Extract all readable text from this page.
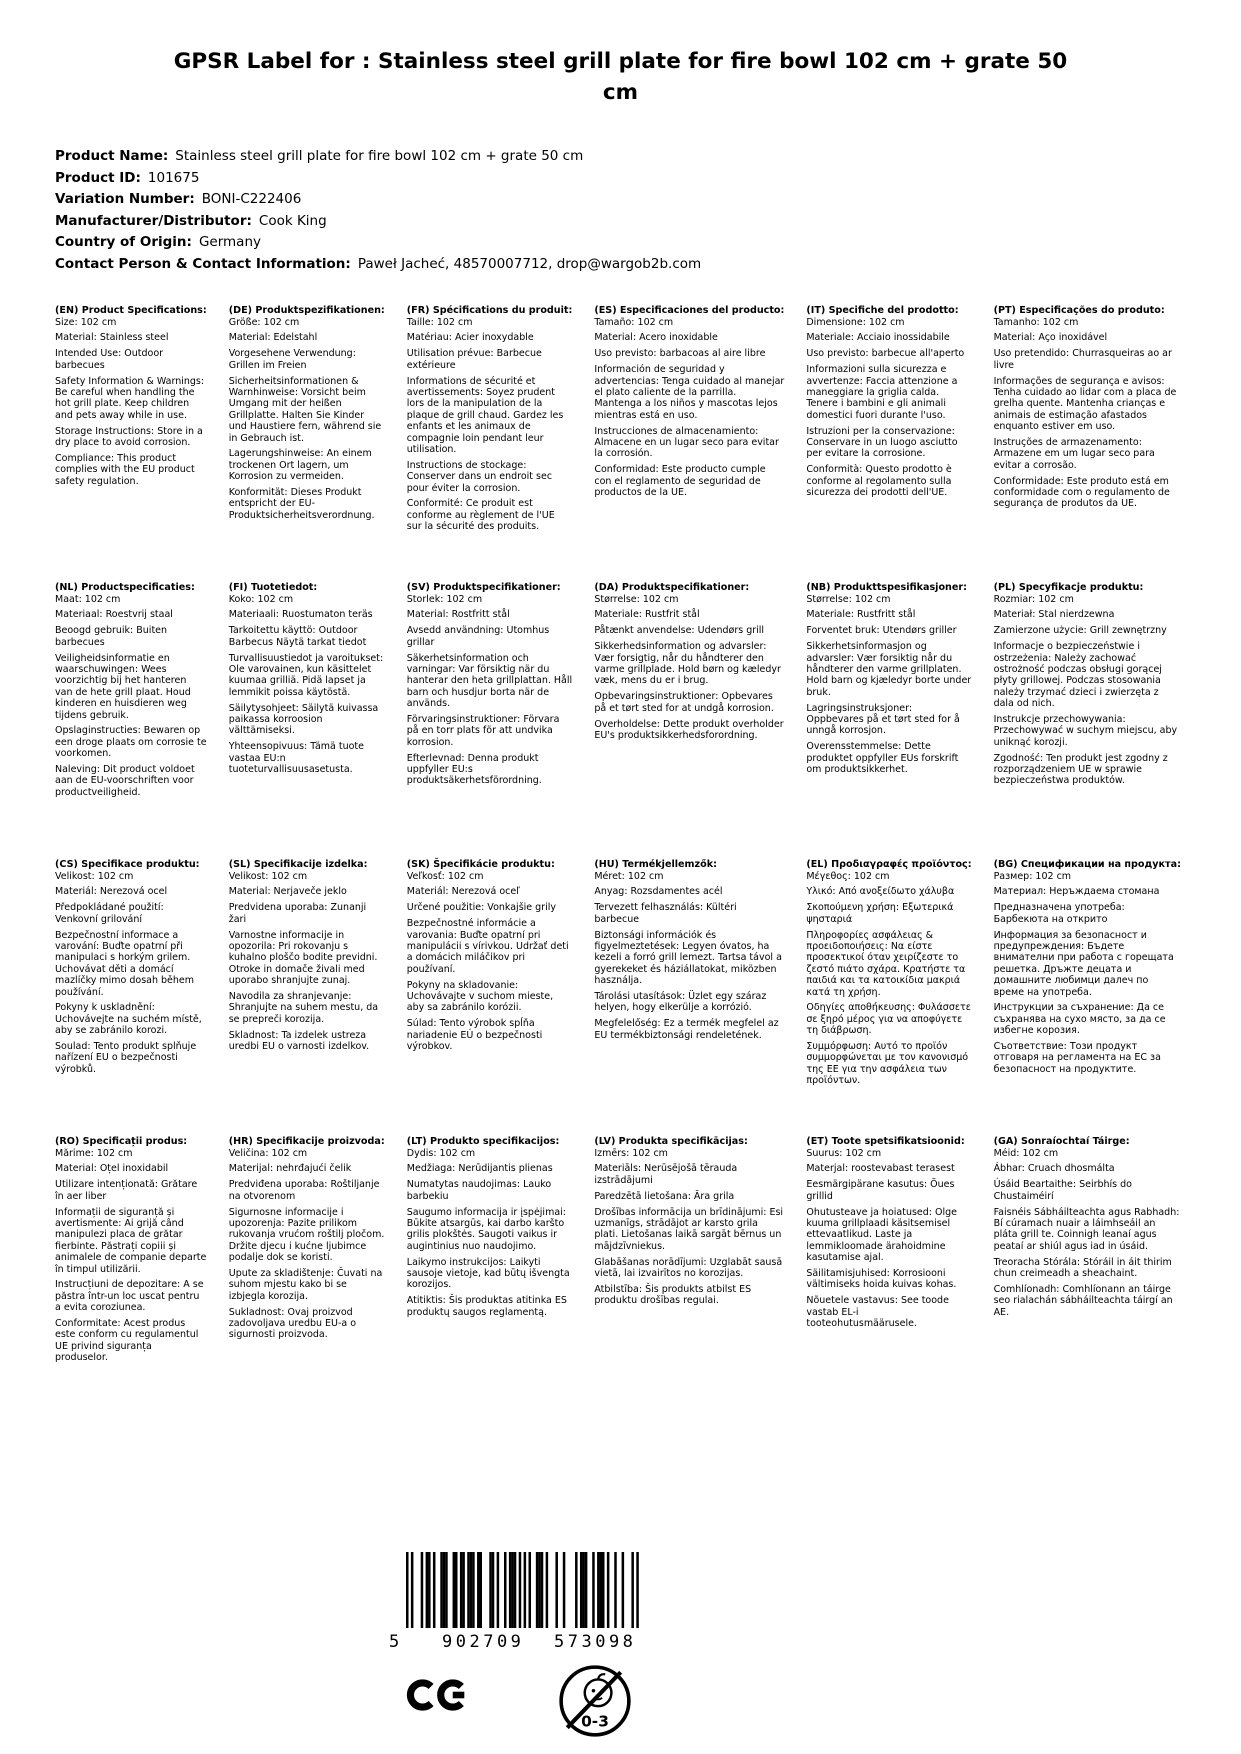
GPSR Label for : Stainless steel grill plate for fire bowl 102 cm + grate 50 cm
Product Name: Stainless steel grill plate for fire bowl 102 cm + grate 50 cm
Product ID: 101675
Variation Number: BONI-C222406
Manufacturer/Distributor: Cook King
Country of Origin: Germany
Contact Person & Contact Information: Paweł Jacheć, 48570007712, drop@wargob2b.com
(EN) Product Specifications:

Size: 102 cm

Material: Stainless steel

Intended Use: Outdoor barbecues

Safety Information & Warnings: Be careful when handling the hot grill plate. Keep children and pets away while in use.

Storage Instructions: Store in a dry place to avoid corrosion.

Compliance: This product complies with the EU product safety regulation.

(DE) Produktspezifikationen:

Größe: 102 cm

Material: Edelstahl

Vorgesehene Verwendung: Grillen im Freien

Sicherheitsinformationen & Warnhinweise: Vorsicht beim Umgang mit der heißen Grillplatte. Halten Sie Kinder und Haustiere fern, während sie in Gebrauch ist.

Lagerungshinweise: An einem trockenen Ort lagern, um Korrosion zu vermeiden.

Konformität: Dieses Produkt entspricht der EU-Produktsicherheitsverordnung.

(FR) Spécifications du produit:

Taille: 102 cm

Matériau: Acier inoxydable

Utilisation prévue: Barbecue extérieure

Informations de sécurité et avertissements: Soyez prudent lors de la manipulation de la plaque de grill chaud. Gardez les enfants et les animaux de compagnie loin pendant leur utilisation.

Instructions de stockage: Conserver dans un endroit sec pour éviter la corrosion.

Conformité: Ce produit est conforme au règlement de l'UE sur la sécurité des produits.

(ES) Especificaciones del producto:

Tamaño: 102 cm

Material: Acero inoxidable

Uso previsto: barbacoas al aire libre

Información de seguridad y advertencias: Tenga cuidado al manejar el plato caliente de la parrilla. Mantenga a los niños y mascotas lejos mientras está en uso.

Instrucciones de almacenamiento: Almacene en un lugar seco para evitar la corrosión.

Conformidad: Este producto cumple con el reglamento de seguridad de productos de la UE.

(IT) Specifiche del prodotto:

Dimensione: 102 cm

Materiale: Acciaio inossidabile

Uso previsto: barbecue all'aperto

Informazioni sulla sicurezza e avvertenze: Faccia attenzione a maneggiare la griglia calda. Tenere i bambini e gli animali domestici fuori durante l'uso.

Istruzioni per la conservazione: Conservare in un luogo asciutto per evitare la corrosione.

Conformità: Questo prodotto è conforme al regolamento sulla sicurezza dei prodotti dell'UE.

(PT) Especificações do produto:

Tamanho: 102 cm

Material: Aço inoxidável

Uso pretendido: Churrasqueiras ao ar livre

Informações de segurança e avisos: Tenha cuidado ao lidar com a placa de grelha quente. Mantenha crianças e animais de estimação afastados enquanto estiver em uso.

Instruções de armazenamento: Armazene em um lugar seco para evitar a corrosão.

Conformidade: Este produto está em conformidade com o regulamento de segurança de produtos da UE.

(NL) Productspecificaties:

Maat: 102 cm

Materiaal: Roestvrij staal

Beoogd gebruik: Buiten barbecues

Veiligheidsinformatie en waarschuwingen: Wees voorzichtig bij het hanteren van de hete grill plaat. Houd kinderen en huisdieren weg tijdens gebruik.

Opslaginstructies: Bewaren op een droge plaats om corrosie te voorkomen.

Naleving: Dit product voldoet aan de EU-voorschriften voor productveiligheid.

(FI) Tuotetiedot:

Koko: 102 cm

Materiaali: Ruostumaton teräs

Tarkoitettu käyttö: Outdoor Barbecus Näytä tarkat tiedot

Turvallisuustiedot ja varoitukset: Ole varovainen, kun käsittelet kuumaa grilliä. Pidä lapset ja lemmikit poissa käytöstä.

Säilytysohjeet: Säilytä kuivassa paikassa korroosion välttämiseksi.

Yhteensopivuus: Tämä tuote vastaa EU:n tuoteturvallisuusasetusta.

(SV) Produktspecifikationer:

Storlek: 102 cm

Material: Rostfritt stål

Avsedd användning: Utomhus grillar

Säkerhetsinformation och varningar: Var försiktig när du hanterar den heta grillplattan. Håll barn och husdjur borta när de används.

Förvaringsinstruktioner: Förvara på en torr plats för att undvika korrosion.

Efterlevnad: Denna produkt uppfyller EU:s produktsäkerhetsförordning.

(DA) Produktspecifikationer:

Størrelse: 102 cm

Materiale: Rustfrit stål

Påtænkt anvendelse: Udendørs grill

Sikkerhedsinformation og advarsler: Vær forsigtig, når du håndterer den varme grillplade. Hold børn og kæledyr væk, mens du er i brug.

Opbevaringsinstruktioner: Opbevares på et tørt sted for at undgå korrosion.

Overholdelse: Dette produkt overholder EU's produktsikkerhedsforordning.

(NB) Produkttspesifikasjoner:

Størrelse: 102 cm

Materiale: Rustfritt stål

Forventet bruk: Utendørs griller

Sikkerhetsinformasjon og advarsler: Vær forsiktig når du håndterer den varme grillplaten. Hold barn og kjæledyr borte under bruk.

Lagringsinstruksjoner: Oppbevares på et tørt sted for å unngå korrosjon.

Overensstemmelse: Dette produktet oppfyller EUs forskrift om produktsikkerhet.

(PL) Specyfikacje produktu:

Rozmiar: 102 cm

Materiał: Stal nierdzewna

Zamierzone użycie: Grill zewnętrzny

Informacje o bezpieczeństwie i ostrzeżenia: Należy zachować ostrożność podczas obsługi gorącej płyty grillowej. Podczas stosowania należy trzymać dzieci i zwierzęta z dala od nich.

Instrukcje przechowywania: Przechowywać w suchym miejscu, aby uniknąć korozji.

Zgodność: Ten produkt jest zgodny z rozporządzeniem UE w sprawie bezpieczeństwa produktów.

(CS) Specifikace produktu:

Velikost: 102 cm

Materiál: Nerezová ocel

Předpokládané použití: Venkovní grilování

Bezpečnostní informace a varování: Buďte opatrní při manipulaci s horkým grilem. Uchovávat děti a domácí mazlíčky mimo dosah během používání.

Pokyny k uskladnění: Uchovávejte na suchém místě, aby se zabránilo korozi.

Soulad: Tento produkt splňuje nařízení EU o bezpečnosti výrobků.

(SL) Specifikacije izdelka:

Velikost: 102 cm

Material: Nerjaveče jeklo

Predvidena uporaba: Zunanji žari

Varnostne informacije in opozorila: Pri rokovanju s kuhalno ploščo bodite previdni. Otroke in domače živali med uporabo shranjujte zunaj.

Navodila za shranjevanje: Shranjujte na suhem mestu, da se prepreči korozija.

Skladnost: Ta izdelek ustreza uredbi EU o varnosti izdelkov.

(SK) Špecifikácie produktu:

Veľkosť: 102 cm

Materiál: Nerezová oceľ

Určené použitie: Vonkajšie grily

Bezpečnostné informácie a varovania: Buďte opatrní pri manipulácii s vírivkou. Udržať deti a domácich miláčikov pri používaní.

Pokyny na skladovanie: Uchovávajte v suchom mieste, aby sa zabránilo korózii.

Súlad: Tento výrobok spĺňa nariadenie EÚ o bezpečnosti výrobkov.

(HU) Termékjellemzők:

Méret: 102 cm

Anyag: Rozsdamentes acél

Tervezett felhasználás: Kültéri barbecue

Biztonsági információk és figyelmeztetések: Legyen óvatos, ha kezeli a forró grill lemezt. Tartsa távol a gyerekeket és háziállatokat, miközben használja.

Tárolási utasítások: Üzlet egy száraz helyen, hogy elkerülje a korrózió.

Megfelelőség: Ez a termék megfelel az EU termékbiztonsági rendeletének.

(EL) Προδιαγραφές προϊόντος:

Μέγεθος: 102 cm

Υλικό: Από ανοξείδωτο χάλυβα

Σκοπούμενη χρήση: Εξωτερικά ψησταριά

Πληροφορίες ασφάλειας & προειδοποιήσεις: Να είστε προσεκτικοί όταν χειρίζεστε το ζεστό πιάτο σχάρα. Κρατήστε τα παιδιά και τα κατοικίδια μακριά κατά τη χρήση.

Οδηγίες αποθήκευσης: Φυλάσσετε σε ξηρό μέρος για να αποφύγετε τη διάβρωση.

Συμμόρφωση: Αυτό το προϊόν συμμορφώνεται με τον κανονισμό της ΕΕ για την ασφάλεια των προϊόντων.

(BG) Спецификации на продукта:

Размер: 102 cm

Материал: Неръждаема стомана

Предназначена употреба: Барбекюта на открито

Информация за безопасност и предупреждения: Бъдете внимателни при работа с горещата решетка. Дръжте децата и домашните любимци далеч по време на употреба.

Инструкции за съхранение: Да се съхранява на сухо място, за да се избегне корозия.

Съответствие: Този продукт отговаря на регламента на ЕС за безопасност на продуктите.

(RO) Specificații produs:

Mărime: 102 cm

Material: Oțel inoxidabil

Utilizare intenționată: Grătare în aer liber

Informații de siguranță și avertismente: Ai grijă când manipulezi placa de grătar fierbinte. Păstrați copiii și animalele de companie departe în timpul utilizării.

Instrucțiuni de depozitare: A se păstra într-un loc uscat pentru a evita coroziunea.

Conformitate: Acest produs este conform cu regulamentul UE privind siguranța produselor.

(HR) Specifikacije proizvoda:

Veličina: 102 cm

Materijal: nehrđajući čelik

Predviđena uporaba: Roštiljanje na otvorenom

Sigurnosne informacije i upozorenja: Pazite prilikom rukovanja vrućom roštilj pločom. Držite djecu i kućne ljubimce podalje dok se koristi.

Upute za skladištenje: Čuvati na suhom mjestu kako bi se izbjegla korozija.

Sukladnost: Ovaj proizvod zadovoljava uredbu EU-a o sigurnosti proizvoda.

(LT) Produkto specifikacijos:

Dydis: 102 cm

Medžiaga: Nerūdijantis plienas

Numatytas naudojimas: Lauko barbekiu

Saugumo informacija ir įspėjimai: Būkite atsargūs, kai darbo karšto grilis plokštės. Saugoti vaikus ir augintinius nuo naudojimo.

Laikymo instrukcijos: Laikyti sausoje vietoje, kad būtų išvengta korozijos.

Atitiktis: Šis produktas atitinka ES produktų saugos reglamentą.

(LV) Produkta specifikācijas:

Izmērs: 102 cm

Materiāls: Nerūsējošā tērauda izstrādājumi

Paredzētā lietošana: Āra grila

Drošības informācija un brīdinājumi: Esi uzmanīgs, strādājot ar karsto grila plati. Lietošanas laikā sargāt bērnus un mājdzīvniekus.

Glabāšanas norādījumi: Uzglabāt sausā vietā, lai izvairītos no korozijas.

Atbilstība: Šis produkts atbilst ES produktu drošības regulai.

(ET) Toote spetsifikatsioonid:

Suurus: 102 cm

Materjal: roostevabast terasest

Eesmärgipärane kasutus: Õues grillid

Ohutusteave ja hoiatused: Olge kuuma grillplaadi käsitsemisel ettevaatlikud. Laste ja lemmikloomade ärahoidmine kasutamise ajal.

Säilitamisjuhised: Korrosiooni vältimiseks hoida kuivas kohas.

Nõuetele vastavus: See toode vastab EL-i tooteohutusmäärusele.

(GA) Sonraíochtaí Táirge:

Méid: 102 cm

Ábhar: Cruach dhosmálta

Úsáid Beartaithe: Seirbhís do Chustaiméirí

Faisnéis Sábháilteachta agus Rabhadh: Bí cúramach nuair a láimhseáil an pláta grill te. Coinnigh leanaí agus peataí ar shiúl agus iad in úsáid.

Treoracha Stórála: Stóráil in áit thirim chun creimeadh a sheachaint.

Comhlíonadh: Comhlíonann an táirge seo rialachán sábháilteachta táirgí an AE.

5 902709 573098
0-3
